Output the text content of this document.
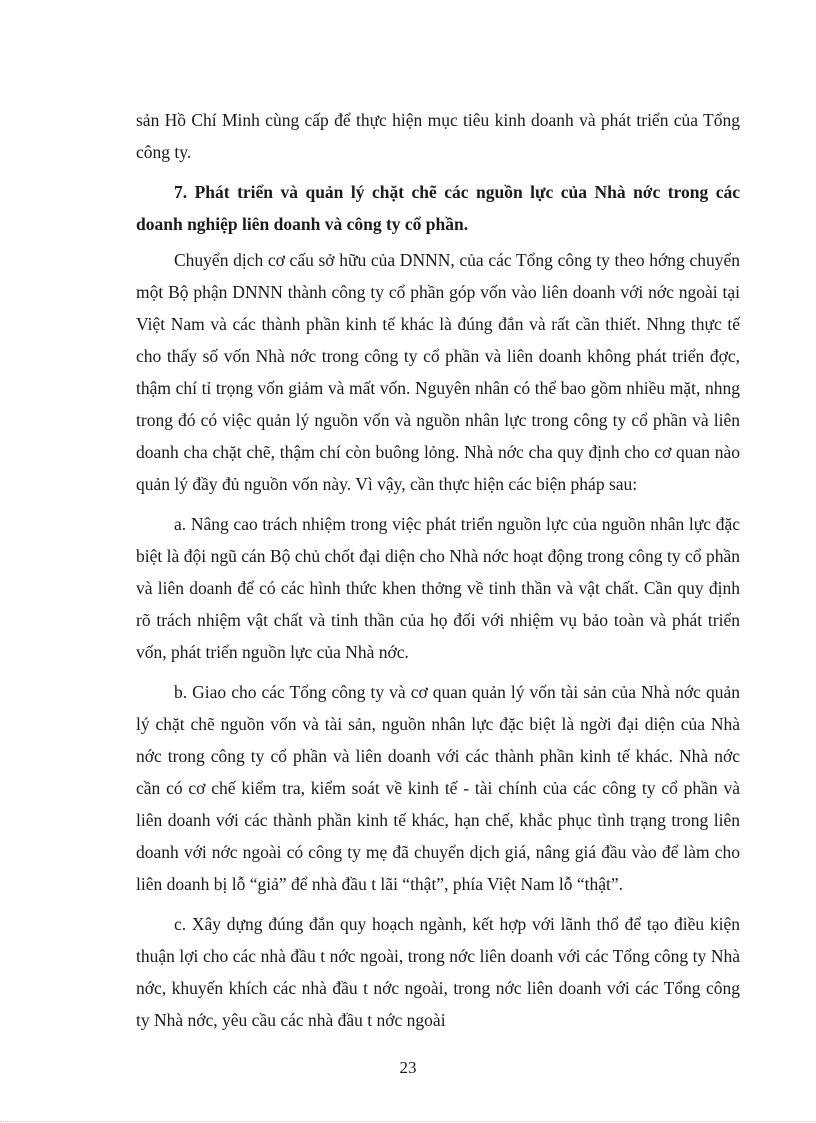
sản Hồ Chí Minh cùng cấp để thực hiện mục tiêu kinh doanh và phát triển của Tổng công ty.

7. Phát triển và quản lý chặt chẽ các nguồn lực của Nhà nớc trong các doanh nghiệp liên doanh và công ty cổ phần.

Chuyển dịch cơ cấu sở hữu của DNNN, của các Tổng công ty theo hớng chuyển một Bộ phận DNNN thành công ty cổ phần góp vốn vào liên doanh với nớc ngoài tại Việt Nam và các thành phần kinh tế khác là đúng đắn và rất cần thiết. Nhng thực tế cho thấy số vốn Nhà nớc trong công ty cổ phần và liên doanh không phát triển đợc, thậm chí tỉ trọng vốn giảm và mất vốn. Nguyên nhân có thể bao gồm nhiều mặt, nhng trong đó có việc quản lý nguồn vốn và nguồn nhân lực trong công ty cổ phần và liên doanh cha chặt chẽ, thậm chí còn buông lỏng. Nhà nớc cha quy định cho cơ quan nào quản lý đầy đủ nguồn vốn này. Vì vậy, cần thực hiện các biện pháp sau:

a. Nâng cao trách nhiệm trong việc phát triển nguồn lực của nguồn nhân lực đặc biệt là đội ngũ cán Bộ chủ chốt đại diện cho Nhà nớc hoạt động trong công ty cổ phần và liên doanh để có các hình thức khen thởng về tinh thần và vật chất. Cần quy định rõ trách nhiệm vật chất và tinh thần của họ đối với nhiệm vụ bảo toàn và phát triển vốn, phát triển nguồn lực của Nhà nớc.

b. Giao cho các Tổng công ty và cơ quan quản lý vốn tài sản của Nhà nớc quản lý chặt chẽ nguồn vốn và tài sản, nguồn nhân lực đặc biệt là ngời đại diện của Nhà nớc trong công ty cổ phần và liên doanh với các thành phần kinh tế khác. Nhà nớc cần có cơ chế kiểm tra, kiểm soát về kinh tế - tài chính của các công ty cổ phần và liên doanh với các thành phần kinh tế khác, hạn chế, khắc phục tình trạng trong liên doanh với nớc ngoài có công ty mẹ đã chuyển dịch giá, nâng giá đầu vào để làm cho liên doanh bị lỗ “giả” để nhà đầu t lãi “thật”, phía Việt Nam lỗ “thật”.

c. Xây dựng đúng đắn quy hoạch ngành, kết hợp với lãnh thổ để tạo điều kiện thuận lợi cho các nhà đầu t nớc ngoài, trong nớc liên doanh với các Tổng công ty Nhà nớc, khuyến khích các nhà đầu t nớc ngoài, trong nớc liên doanh với các Tổng công ty Nhà nớc, yêu cầu các nhà đầu t nớc ngoài

23
